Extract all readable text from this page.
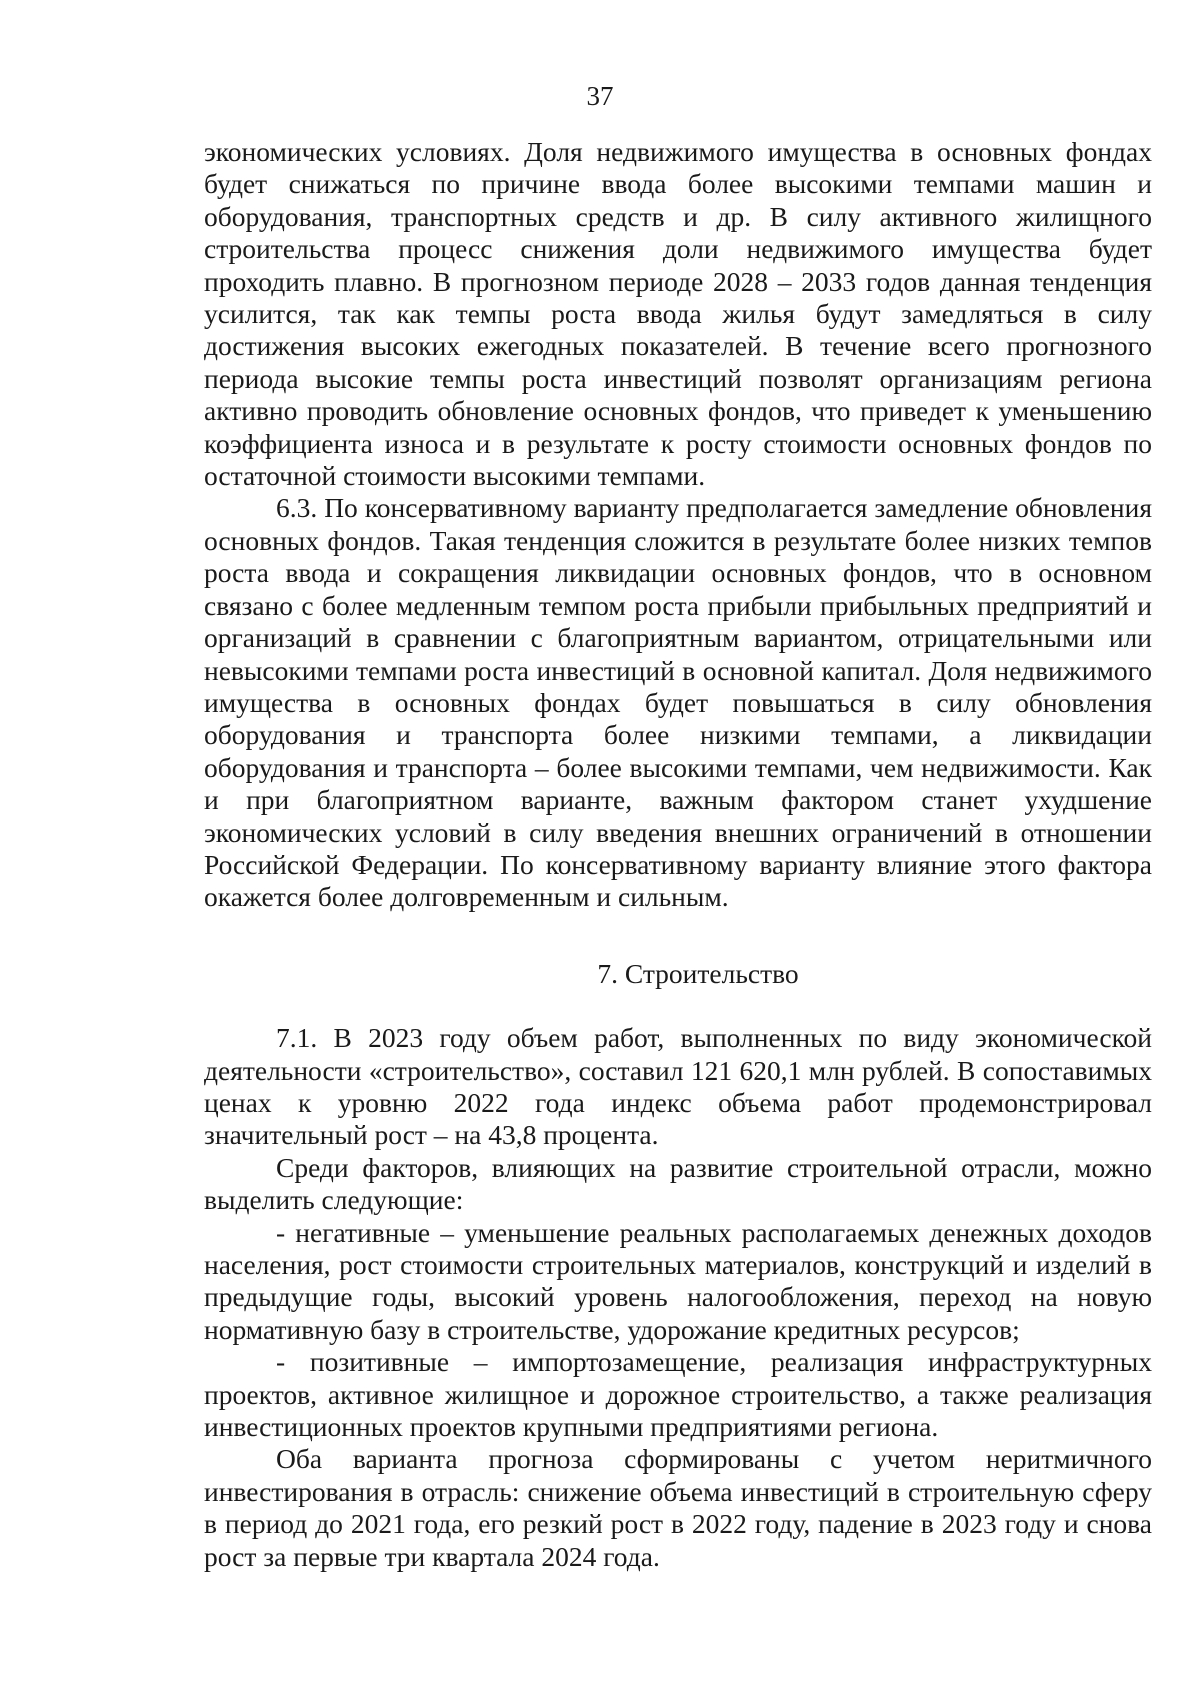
37

экономических условиях. Доля недвижимого имущества в основных фондах будет снижаться по причине ввода более высокими темпами машин и оборудования, транспортных средств и др. В силу активного жилищного строительства процесс снижения доли недвижимого имущества будет проходить плавно. В прогнозном периоде 2028 – 2033 годов данная тенденция усилится, так как темпы роста ввода жилья будут замедляться в силу достижения высоких ежегодных показателей. В течение всего прогнозного периода высокие темпы роста инвестиций позволят организациям региона активно проводить обновление основных фондов, что приведет к уменьшению коэффициента износа и в результате к росту стоимости основных фондов по остаточной стоимости высокими темпами.

6.3. По консервативному варианту предполагается замедление обновления основных фондов. Такая тенденция сложится в результате более низких темпов роста ввода и сокращения ликвидации основных фондов, что в основном связано с более медленным темпом роста прибыли прибыльных предприятий и организаций в сравнении с благоприятным вариантом, отрицательными или невысокими темпами роста инвестиций в основной капитал. Доля недвижимого имущества в основных фондах будет повышаться в силу обновления оборудования и транспорта более низкими темпами, а ликвидации оборудования и транспорта – более высокими темпами, чем недвижимости. Как и при благоприятном варианте, важным фактором станет ухудшение экономических условий в силу введения внешних ограничений в отношении Российской Федерации. По консервативному варианту влияние этого фактора окажется более долговременным и сильным.

7. Строительство

7.1. В 2023 году объем работ, выполненных по виду экономической деятельности «строительство», составил 121 620,1 млн рублей. В сопоставимых ценах к уровню 2022 года индекс объема работ продемонстрировал значительный рост – на 43,8 процента.

Среди факторов, влияющих на развитие строительной отрасли, можно выделить следующие:

- негативные – уменьшение реальных располагаемых денежных доходов населения, рост стоимости строительных материалов, конструкций и изделий в предыдущие годы, высокий уровень налогообложения, переход на новую нормативную базу в строительстве, удорожание кредитных ресурсов;

- позитивные – импортозамещение, реализация инфраструктурных проектов, активное жилищное и дорожное строительство, а также реализация инвестиционных проектов крупными предприятиями региона.

Оба варианта прогноза сформированы с учетом неритмичного инвестирования в отрасль: снижение объема инвестиций в строительную сферу в период до 2021 года, его резкий рост в 2022 году, падение в 2023 году и снова рост за первые три квартала 2024 года.
